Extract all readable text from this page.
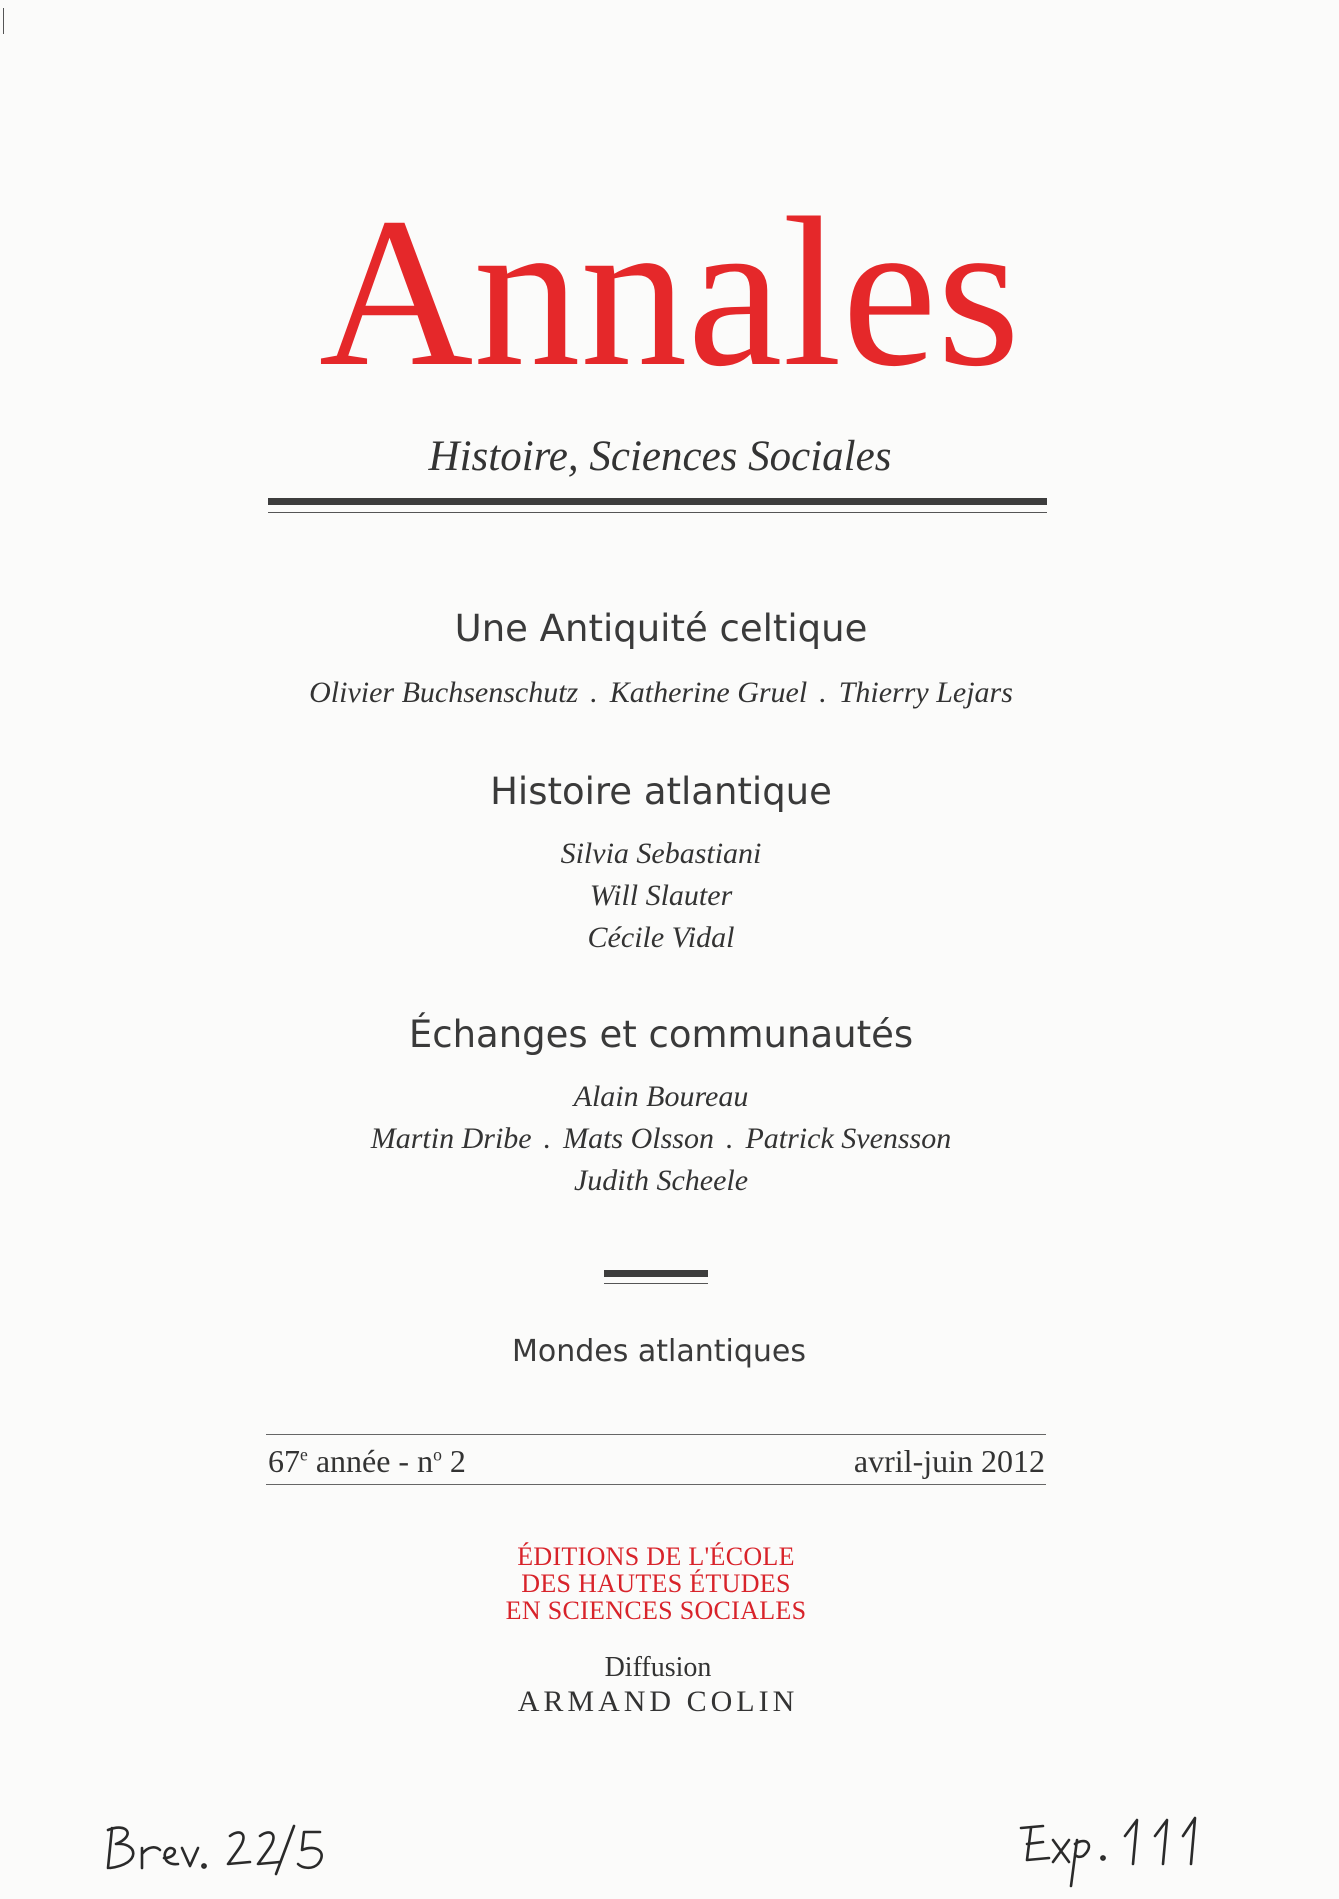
Annales
Histoire, Sciences Sociales
Une Antiquité celtique
Olivier Buchsenschutz . Katherine Gruel . Thierry Lejars
Histoire atlantique
Silvia Sebastiani
Will Slauter
Cécile Vidal
Échanges et communautés
Alain Boureau
Martin Dribe . Mats Olsson . Patrick Svensson
Judith Scheele
Mondes atlantiques
67e année - $n^o$ 2	avril-juin 2012
ÉDITIONS DE L'ÉCOLE
DES HAUTES ÉTUDES
EN SCIENCES SOCIALES
Diffusion
ARMAND COLIN
